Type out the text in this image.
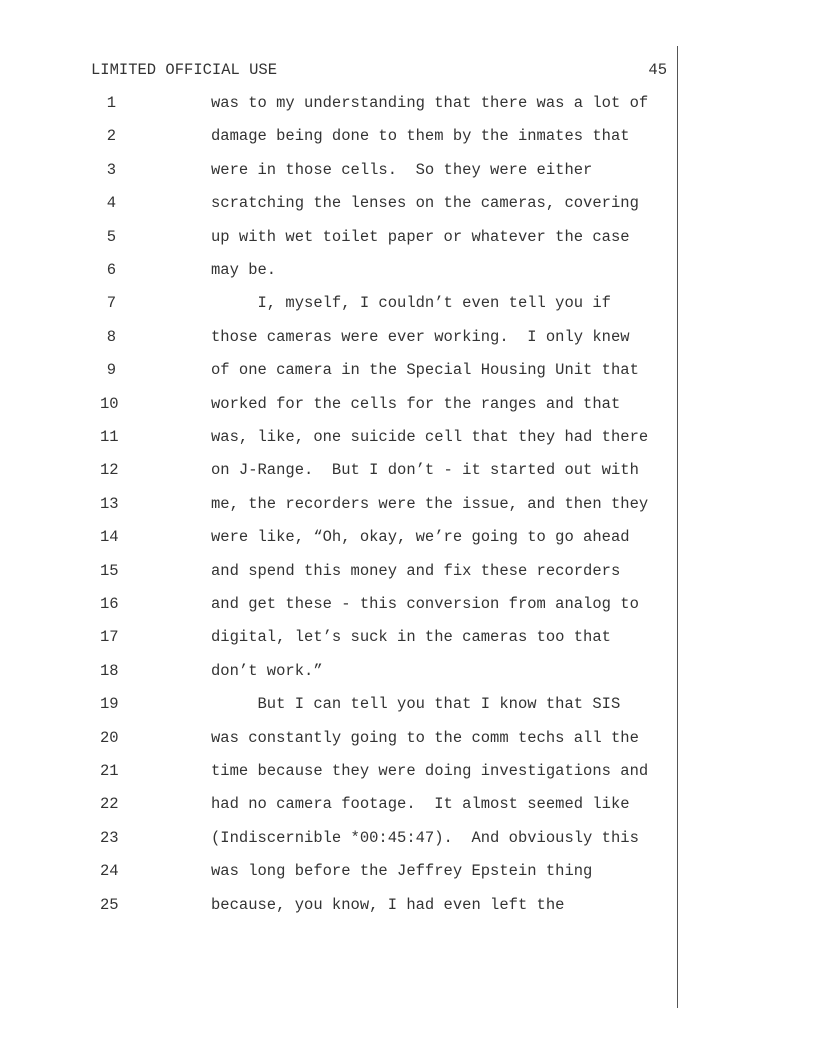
LIMITED OFFICIAL USE	45
1	was to my understanding that there was a lot of
2	damage being done to them by the inmates that
3	were in those cells.  So they were either
4	scratching the lenses on the cameras, covering
5	up with wet toilet paper or whatever the case
6	may be.
7	I, myself, I couldn’t even tell you if
8	those cameras were ever working.  I only knew
9	of one camera in the Special Housing Unit that
10	worked for the cells for the ranges and that
11	was, like, one suicide cell that they had there
12	on J-Range.  But I don’t - it started out with
13	me, the recorders were the issue, and then they
14	were like, “Oh, okay, we’re going to go ahead
15	and spend this money and fix these recorders
16	and get these - this conversion from analog to
17	digital, let’s suck in the cameras too that
18	don’t work.”
19	But I can tell you that I know that SIS
20	was constantly going to the comm techs all the
21	time because they were doing investigations and
22	had no camera footage.  It almost seemed like
23	(Indiscernible *00:45:47).  And obviously this
24	was long before the Jeffrey Epstein thing
25	because, you know, I had even left the
